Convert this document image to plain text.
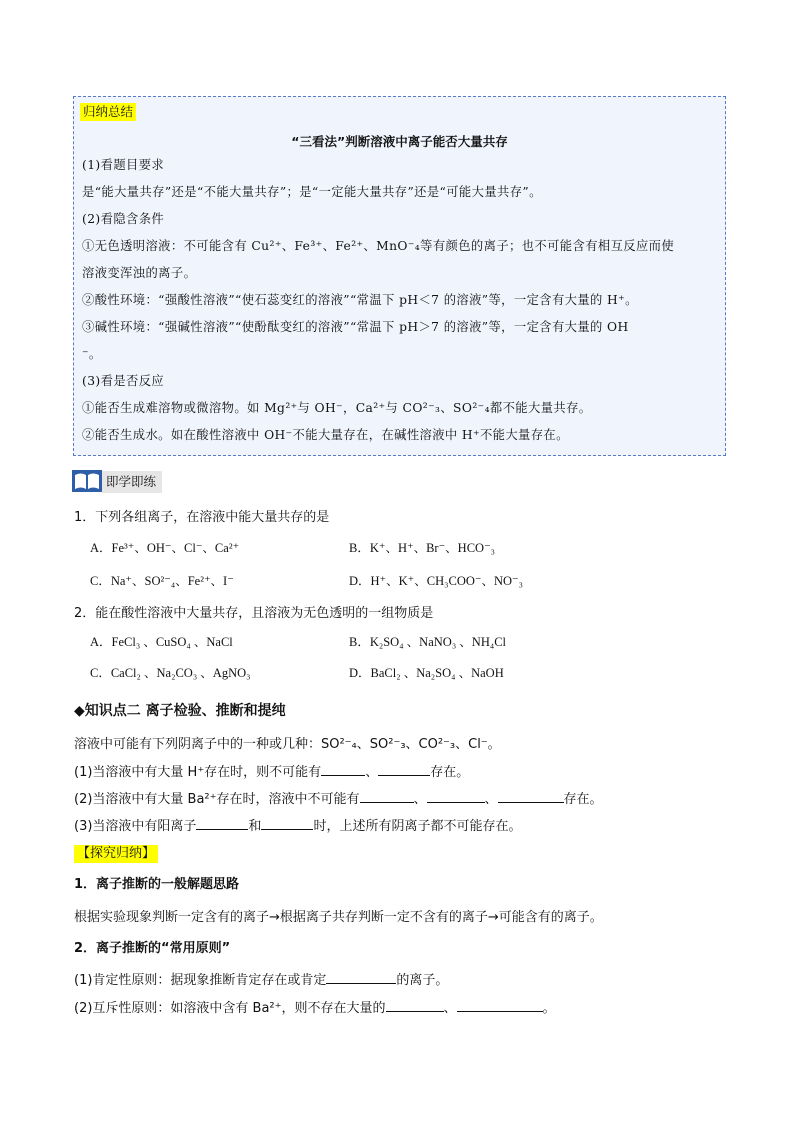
归纳总结
“三看法”判断溶液中离子能否大量共存
(1)看题目要求
是“能大量共存”还是“不能大量共存”；是“一定能大量共存”还是“可能大量共存”。
(2)看隐含条件
①无色透明溶液：不可能含有 Cu²⁺、Fe³⁺、Fe²⁺、MnO⁻₄等有颜色的离子；也不可能含有相互反应而使
溶液变浑浊的离子。
②酸性环境：“强酸性溶液”“使石蕊变红的溶液”“常温下 pH＜7 的溶液”等，一定含有大量的 H⁺。
③碱性环境：“强碱性溶液”“使酚酞变红的溶液”“常温下 pH＞7 的溶液”等，一定含有大量的 OH
⁻。
(3)看是否反应
①能否生成难溶物或微溶物。如 Mg²⁺与 OH⁻，Ca²⁺与 CO²⁻₃、SO²⁻₄都不能大量共存。
②能否生成水。如在酸性溶液中 OH⁻不能大量存在，在碱性溶液中 H⁺不能大量存在。
即学即练
1．下列各组离子，在溶液中能大量共存的是
A．Fe³⁺、OH⁻、Cl⁻、Ca²⁺	B．K⁺、H⁺、Br⁻、HCO⁻₃
C．Na⁺、SO²⁻₄、Fe²⁺、I⁻	D．H⁺、K⁺、CH₃COO⁻、NO⁻₃
2．能在酸性溶液中大量共存，且溶液为无色透明的一组物质是
A．FeCl₃ 、CuSO₄ 、NaCl	B．K₂SO₄ 、NaNO₃ 、NH₄Cl
C．CaCl₂ 、Na₂CO₃ 、AgNO₃	D．BaCl₂ 、Na₂SO₄ 、NaOH
◆知识点二 离子检验、推断和提纯
溶液中可能有下列阴离子中的一种或几种：SO²⁻₄、SO²⁻₃、CO²⁻₃、Cl⁻。
(1)当溶液中有大量 H⁺存在时，则不可能有	、	存在。
(2)当溶液中有大量 Ba²⁺存在时，溶液中不可能有	、	、	存在。
(3)当溶液中有阳离子	和	时，上述所有阴离子都不可能存在。
【探究归纳】
1．离子推断的一般解题思路
根据实验现象判断一定含有的离子→根据离子共存判断一定不含有的离子→可能含有的离子。
2．离子推断的“常用原则”
(1)肯定性原则：据现象推断肯定存在或肯定	的离子。
(2)互斥性原则：如溶液中含有 Ba²⁺，则不存在大量的	、	。
